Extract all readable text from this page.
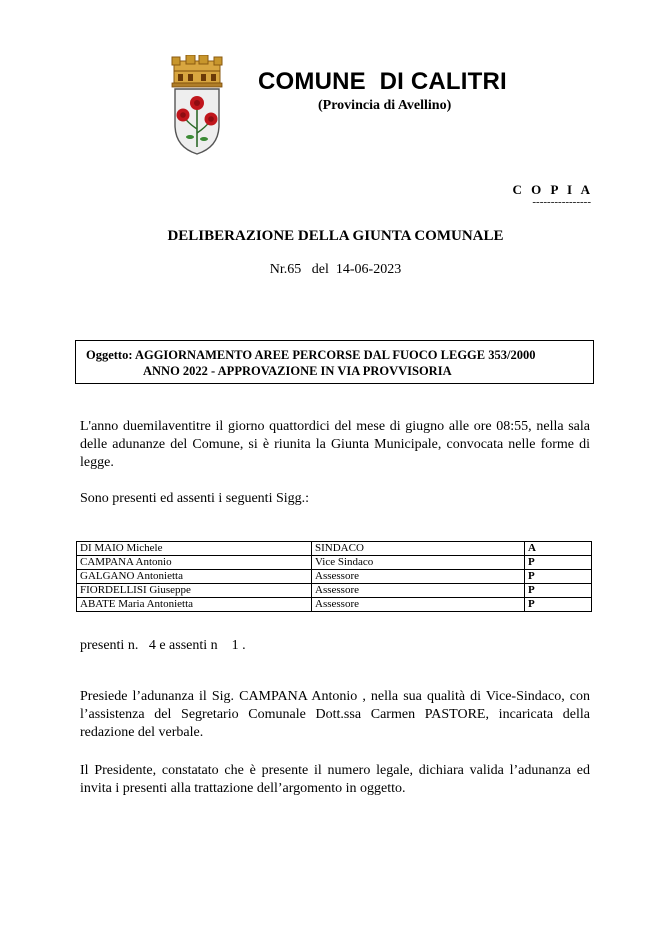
COMUNE  DI CALITRI
(Provincia di Avellino)
C O P I A
----------------
DELIBERAZIONE DELLA GIUNTA COMUNALE
Nr.65   del  14-06-2023
Oggetto: AGGIORNAMENTO AREE PERCORSE DAL FUOCO LEGGE 353/2000
ANNO 2022 - APPROVAZIONE IN VIA PROVVISORIA
L'anno duemilaventitre il giorno quattordici del mese di giugno alle ore 08:55, nella sala delle adunanze del Comune, si è riunita la Giunta Municipale, convocata nelle forme di legge.
Sono presenti ed assenti i seguenti Sigg.:
DI MAIO Michele	SINDACO	A
CAMPANA Antonio	Vice Sindaco	P
GALGANO Antonietta	Assessore	P
FIORDELLISI Giuseppe	Assessore	P
ABATE Maria Antonietta	Assessore	P
presenti n.   4 e assenti n    1 .
Presiede l’adunanza il Sig. CAMPANA Antonio , nella sua qualità di Vice-Sindaco, con l’assistenza del Segretario Comunale Dott.ssa Carmen PASTORE, incaricata della redazione del verbale.
Il Presidente, constatato che è presente il numero legale, dichiara valida l’adunanza ed invita i presenti alla trattazione dell’argomento in oggetto.
